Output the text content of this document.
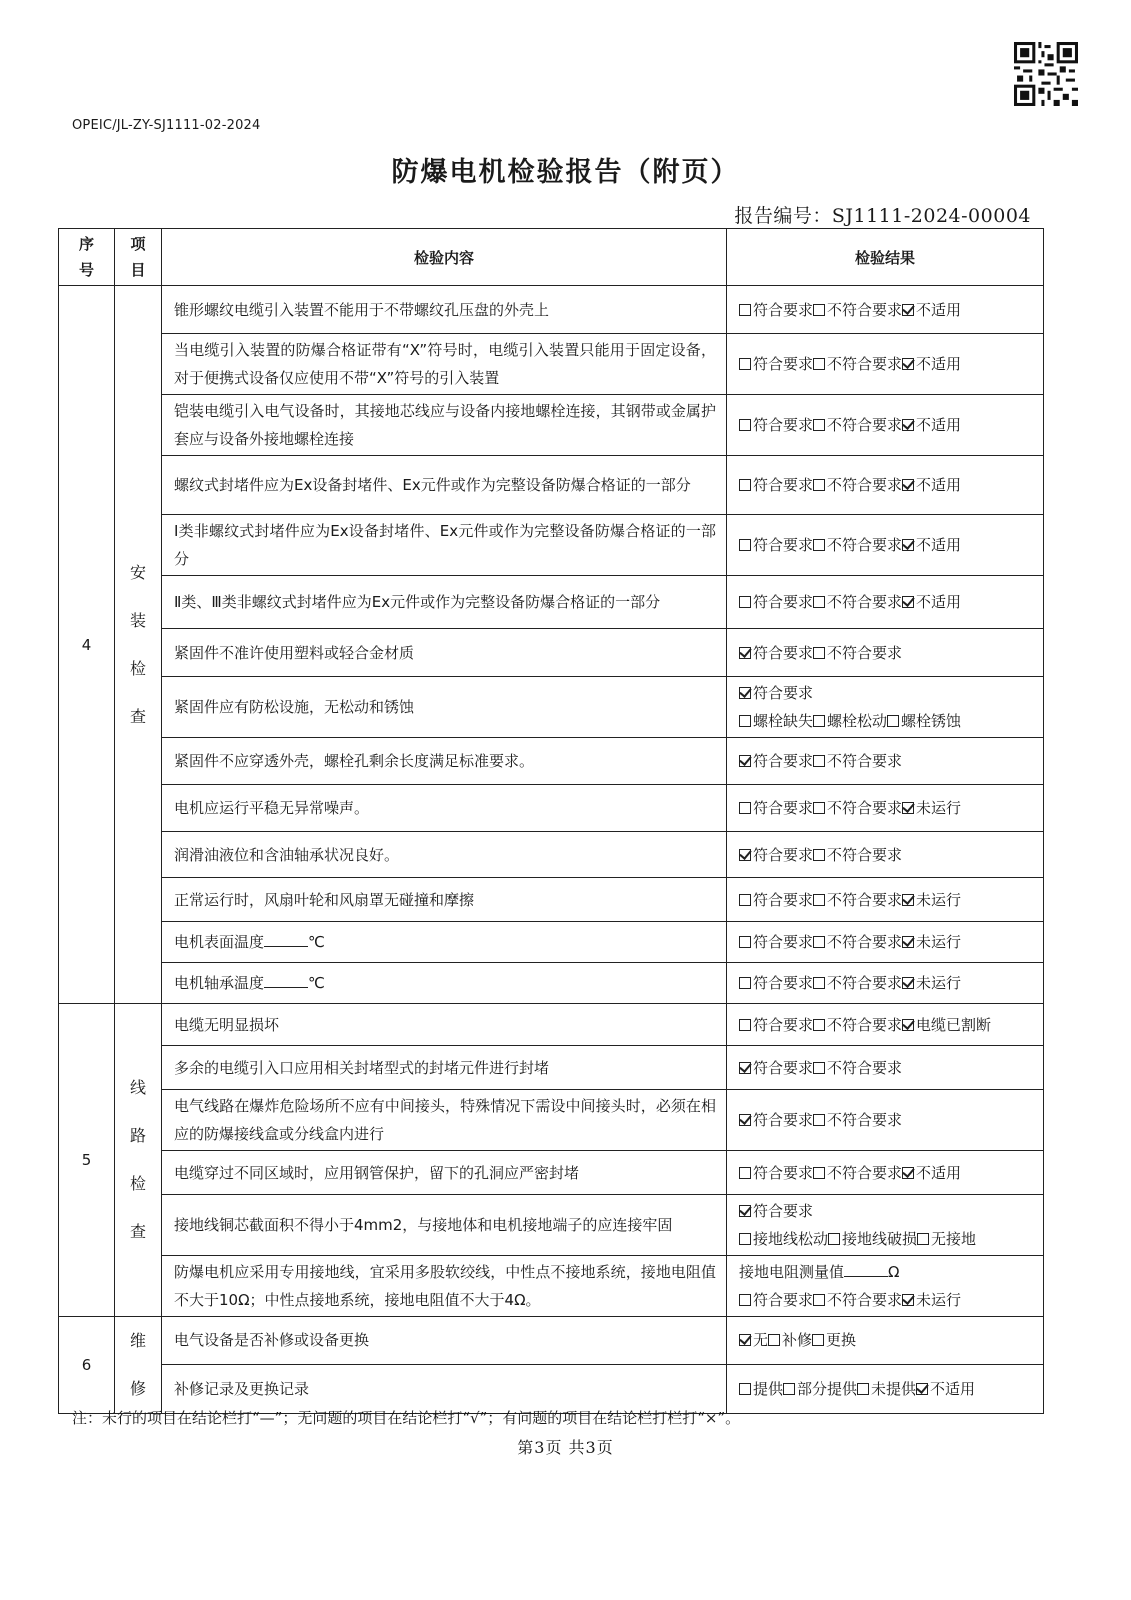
OPEIC/JL-ZY-SJ1111-02-2024
防爆电机检验报告（附页）
报告编号：SJ1111-2024-00004
序号	项目	检验内容	检验结果
4	安装检查	锥形螺纹电缆引入装置不能用于不带螺纹孔压盘的外壳上	符合要求 不符合要求 不适用

		当电缆引入装置的防爆合格证带有“X”符号时，电缆引入装置只能用于固定设备，对于便携式设备仅应使用不带“X”符号的引入装置	符合要求 不符合要求 不适用

		铠装电缆引入电气设备时，其接地芯线应与设备内接地螺栓连接，其钢带或金属护套应与设备外接地螺栓连接	符合要求 不符合要求 不适用

		螺纹式封堵件应为Ex设备封堵件、Ex元件或作为完整设备防爆合格证的一部分	符合要求 不符合要求 不适用

		Ⅰ类非螺纹式封堵件应为Ex设备封堵件、Ex元件或作为完整设备防爆合格证的一部分	符合要求 不符合要求 不适用

		Ⅱ类、Ⅲ类非螺纹式封堵件应为Ex元件或作为完整设备防爆合格证的一部分	符合要求 不符合要求 不适用

		紧固件不准许使用塑料或轻合金材质	符合要求 不符合要求

		紧固件应有防松设施，无松动和锈蚀	符合要求
螺栓缺失 螺栓松动 螺栓锈蚀

		紧固件不应穿透外壳，螺栓孔剩余长度满足标准要求。	符合要求 不符合要求

		电机应运行平稳无异常噪声。	符合要求 不符合要求 未运行

		润滑油液位和含油轴承状况良好。	符合要求 不符合要求

		正常运行时，风扇叶轮和风扇罩无碰撞和摩擦	符合要求 不符合要求 未运行

		电机表面温度 ℃	符合要求 不符合要求 未运行

		电机轴承温度 ℃	符合要求 不符合要求 未运行

5	线路检查	电缆无明显损坏	符合要求 不符合要求 电缆已割断

		多余的电缆引入口应用相关封堵型式的封堵元件进行封堵	符合要求 不符合要求

		电气线路在爆炸危险场所不应有中间接头，特殊情况下需设中间接头时，必须在相应的防爆接线盒或分线盒内进行	符合要求 不符合要求

		电缆穿过不同区域时，应用钢管保护，留下的孔洞应严密封堵	符合要求 不符合要求 不适用

		接地线铜芯截面积不得小于4mm2，与接地体和电机接地端子的应连接牢固	符合要求
接地线松动 接地线破损 无接地

		防爆电机应采用专用接地线，宜采用多股软绞线，中性点不接地系统，接地电阻值不大于10Ω；中性点接地系统，接地电阻值不大于4Ω。	接地电阻测量值 Ω
符合要求 不符合要求 未运行

6	维修	电气设备是否补修或设备更换	无 补修 更换

		补修记录及更换记录	提供 部分提供 未提供 不适用
注：未行的项目在结论栏打“—”；无问题的项目在结论栏打“√”；有问题的项目在结论栏打栏打“×”。
第3页 共3页
